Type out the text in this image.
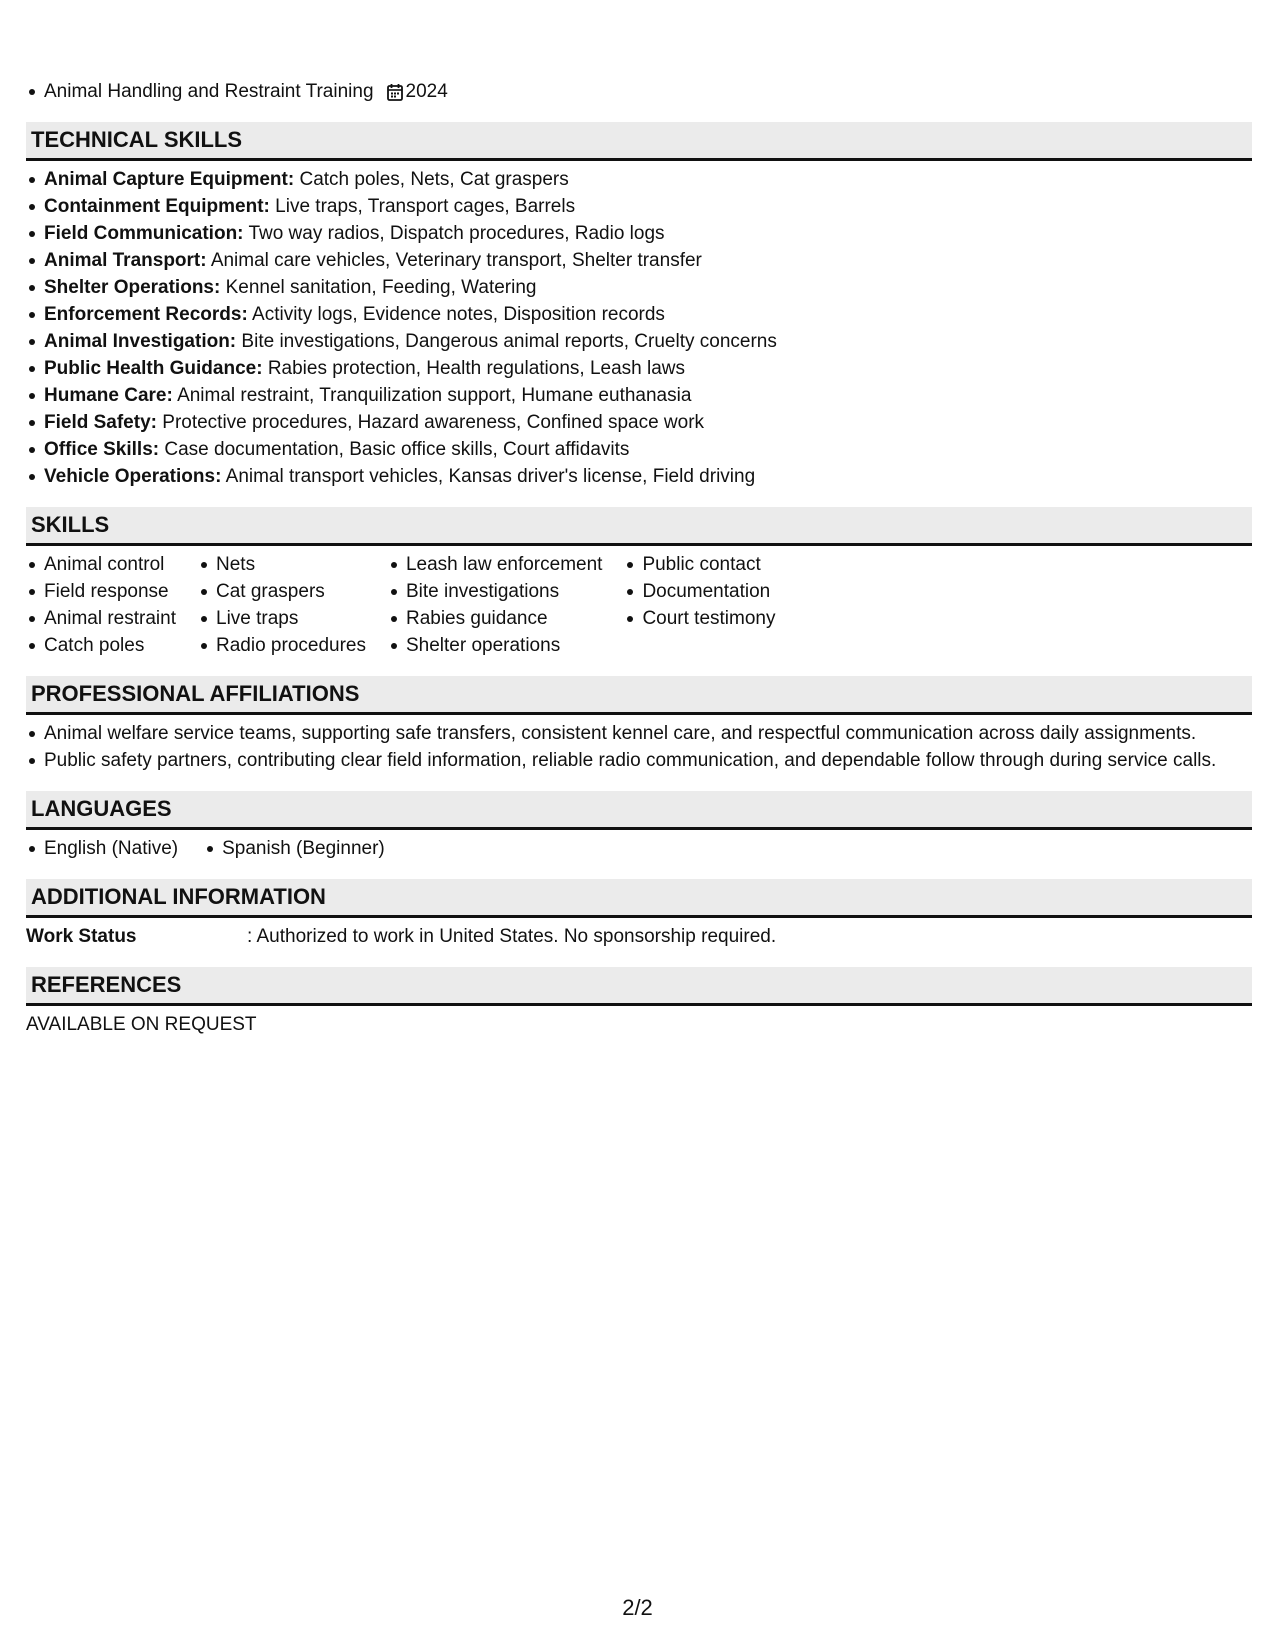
Animal Handling and Restraint Training 2024
TECHNICAL SKILLS
Animal Capture Equipment: Catch poles, Nets, Cat graspers
Containment Equipment: Live traps, Transport cages, Barrels
Field Communication: Two way radios, Dispatch procedures, Radio logs
Animal Transport: Animal care vehicles, Veterinary transport, Shelter transfer
Shelter Operations: Kennel sanitation, Feeding, Watering
Enforcement Records: Activity logs, Evidence notes, Disposition records
Animal Investigation: Bite investigations, Dangerous animal reports, Cruelty concerns
Public Health Guidance: Rabies protection, Health regulations, Leash laws
Humane Care: Animal restraint, Tranquilization support, Humane euthanasia
Field Safety: Protective procedures, Hazard awareness, Confined space work
Office Skills: Case documentation, Basic office skills, Court affidavits
Vehicle Operations: Animal transport vehicles, Kansas driver's license, Field driving
SKILLS
Animal control
Field response
Animal restraint
Catch poles
Nets
Cat graspers
Live traps
Radio procedures
Leash law enforcement
Bite investigations
Rabies guidance
Shelter operations
Public contact
Documentation
Court testimony
PROFESSIONAL AFFILIATIONS
Animal welfare service teams, supporting safe transfers, consistent kennel care, and respectful communication across daily assignments.
Public safety partners, contributing clear field information, reliable radio communication, and dependable follow through during service calls.
LANGUAGES
English (Native) Spanish (Beginner)
ADDITIONAL INFORMATION
Work Status	: Authorized to work in United States. No sponsorship required.
REFERENCES
AVAILABLE ON REQUEST
2/2
